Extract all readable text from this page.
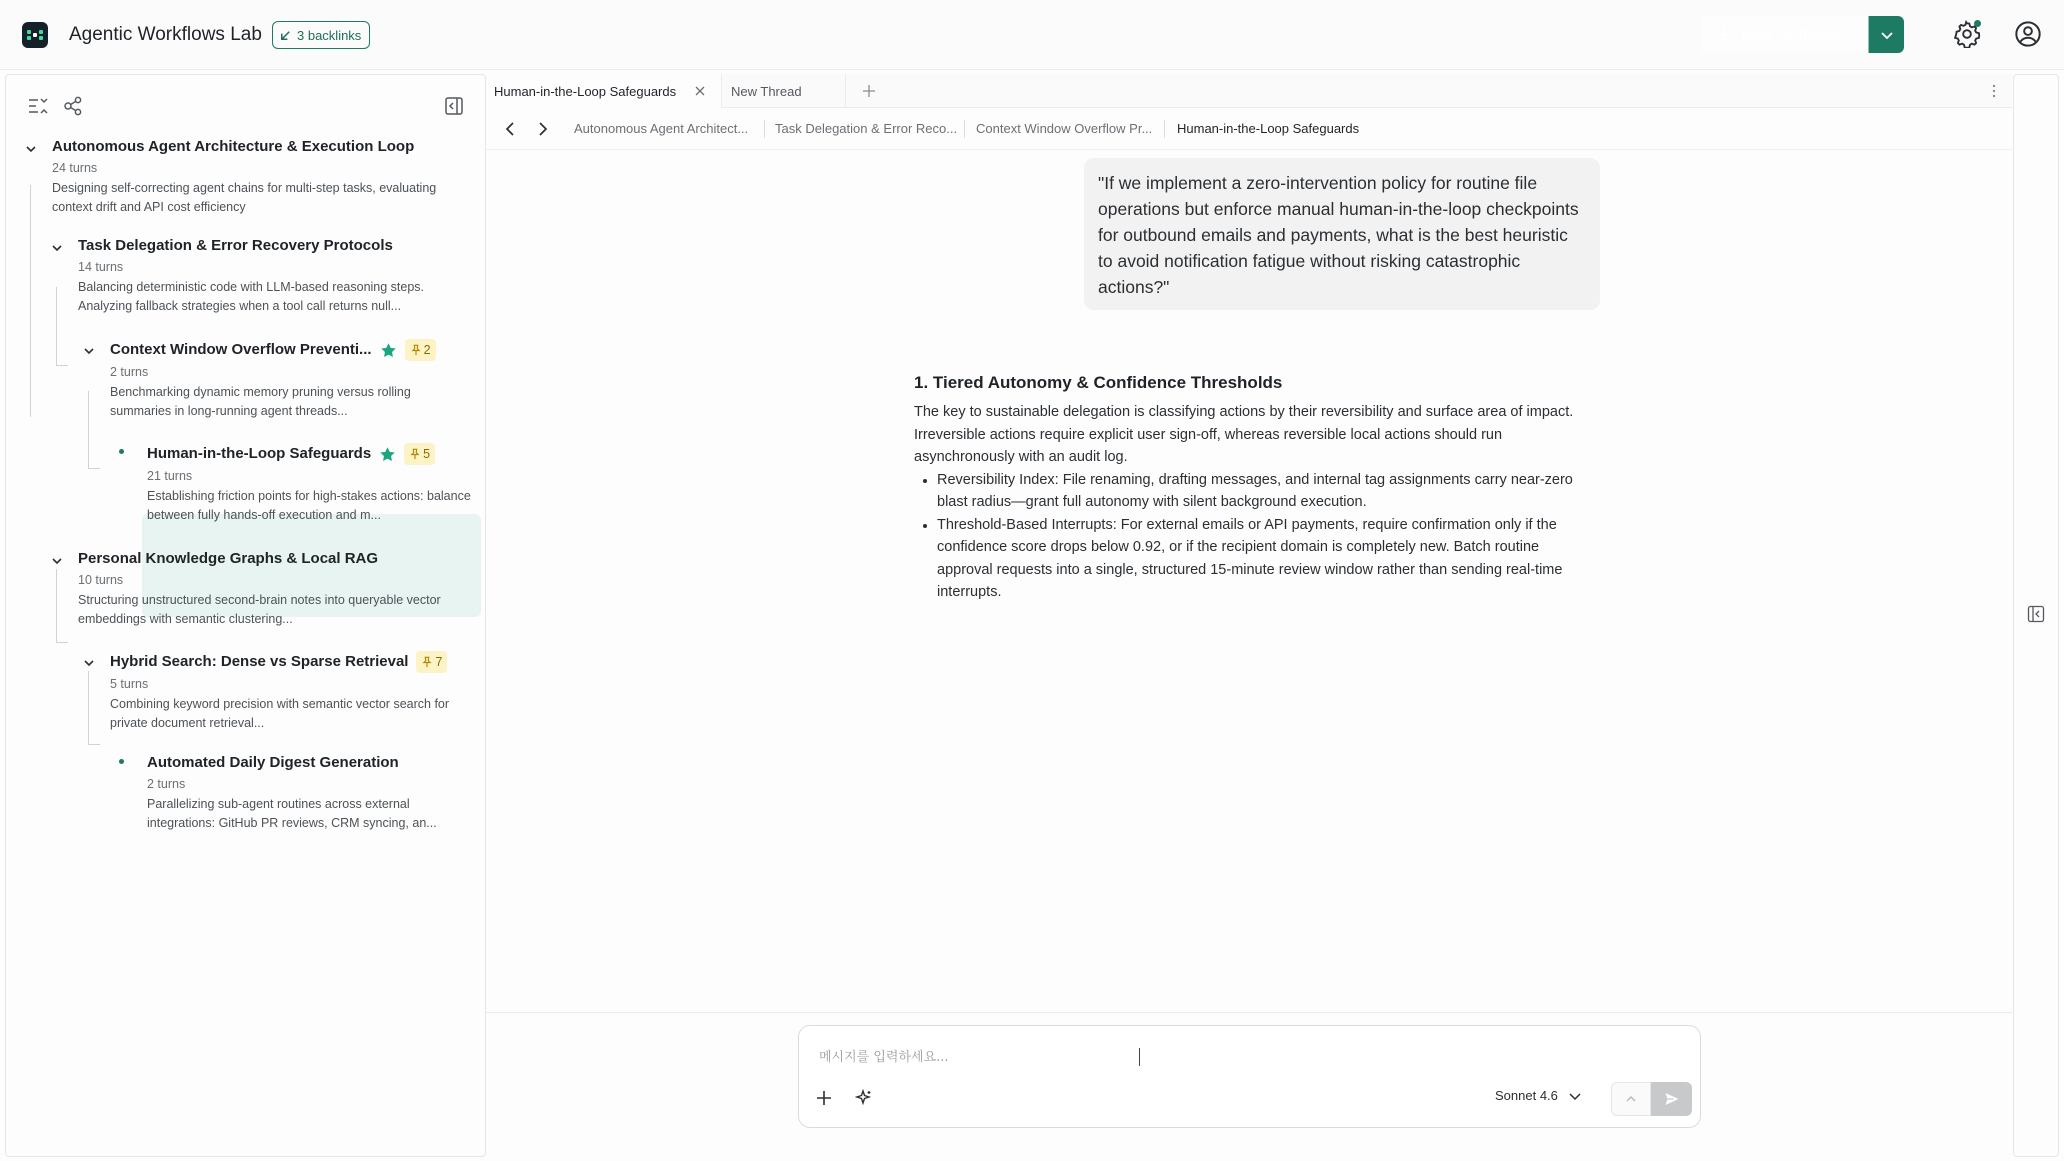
Agentic Workflows Lab	3 backlinks	New workspace
Autonomous Agent Architecture & Execution Loop
24 turns
Designing self-correcting agent chains for multi-step tasks, evaluating context drift and API cost efficiency
Task Delegation & Error Recovery Protocols
14 turns
Balancing deterministic code with LLM-based reasoning steps. Analyzing fallback strategies when a tool call returns null...
Context Window Overflow Preventi...	2
2 turns
Benchmarking dynamic memory pruning versus rolling summaries in long-running agent threads...
Human-in-the-Loop Safeguards	5
21 turns
Establishing friction points for high-stakes actions: balance between fully hands-off execution and m...
Personal Knowledge Graphs & Local RAG
10 turns
Structuring unstructured second-brain notes into queryable vector embeddings with semantic clustering...
Hybrid Search: Dense vs Sparse Retrieval 7
5 turns
Combining keyword precision with semantic vector search for private document retrieval...
Automated Daily Digest Generation
2 turns
Parallelizing sub-agent routines across external integrations: GitHub PR reviews, CRM syncing, an...
Human-in-the-Loop Safeguards	New Thread
Autonomous Agent Architect... Task Delegation & Error Reco... Context Window Overflow Pr... Human-in-the-Loop Safeguards
"If we implement a zero-intervention policy for routine file operations but enforce manual human-in-the-loop checkpoints for outbound emails and payments, what is the best heuristic to avoid notification fatigue without risking catastrophic actions?"
1. Tiered Autonomy & Confidence Thresholds

The key to sustainable delegation is classifying actions by their reversibility and surface area of impact. Irreversible actions require explicit user sign-off, whereas reversible local actions should run asynchronously with an audit log.

Reversibility Index: File renaming, drafting messages, and internal tag assignments carry near-zero blast radius—grant full autonomy with silent background execution.
Threshold-Based Interrupts: For external emails or API payments, require confirmation only if the confidence score drops below 0.92, or if the recipient domain is completely new. Batch routine approval requests into a single, structured 15-minute review window rather than sending real-time interrupts.
메시지를 입력하세요...
Sonnet 4.6
